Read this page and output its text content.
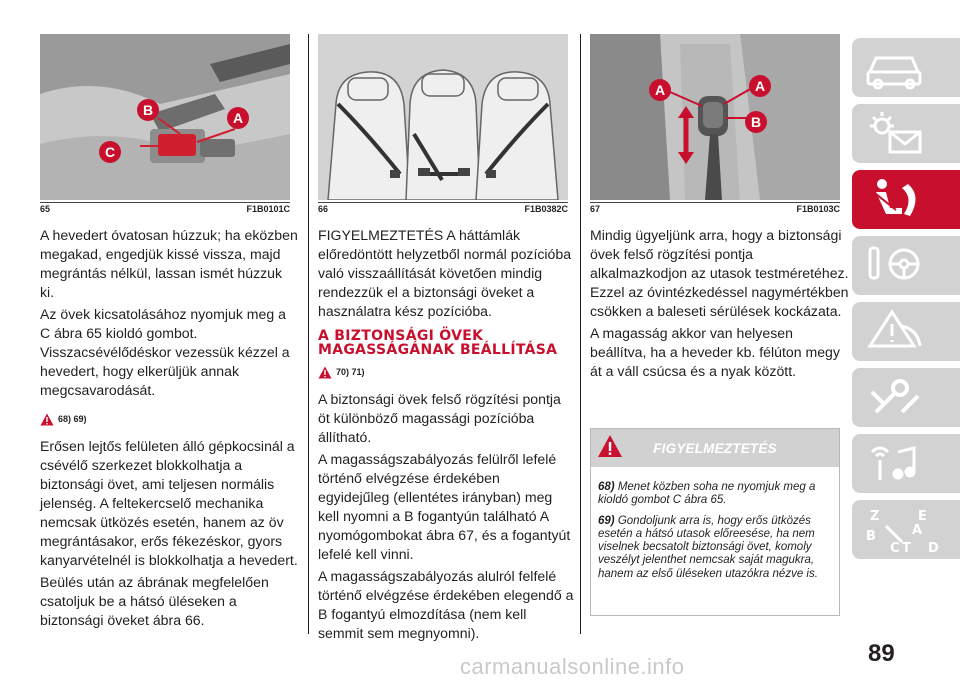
C
A
B
65	F1B0101C	66	F1B0382C
A	A
B
67	F1B0103C

A hevedert óvatosan húzzuk; ha eközben megakad, engedjük kissé vissza, majd megrántás nélkül, lassan ismét húzzuk ki.

Az övek kicsatolásához nyomjuk meg a C ábra 65 kioldó gombot. Visszacsévélődéskor vezessük kézzel a hevedert, hogy elkerüljük annak megcsavarodását.

68) 69)

Erősen lejtős felületen álló gépkocsinál a csévélő szerkezet blokkolhatja a biztonsági övet, ami teljesen normális jelenség. A feltekercselő mechanika nemcsak ütközés esetén, hanem az öv megrántásakor, erős fékezéskor, gyors kanyarvételnél is blokkolhatja a hevedert.

Beülés után az ábrának megfelelően csatoljuk be a hátsó üléseken a biztonsági öveket ábra 66.

FIGYELMEZTETÉS A háttámlák előredöntött helyzetből normál pozícióba való visszaállítását követően mindig rendezzük el a biztonsági öveket a használatra kész pozícióba.

A BIZTONSÁGI ÖVEK MAGASSÁGÁNAK BEÁLLÍTÁSA
70) 71)

A biztonsági övek felső rögzítési pontja öt különböző magassági pozícióba állítható.

A magasságszabályozás felülről lefelé történő elvégzése érdekében egyidejűleg (ellentétes irányban) meg kell nyomni a B fogantyún található A nyomógombokat ábra 67, és a fogantyút lefelé kell vinni.

A magasságszabályozás alulról felfelé történő elvégzése érdekében elegendő a B fogantyú elmozdítása (nem kell semmit sem megnyomni).

Mindig ügyeljünk arra, hogy a biztonsági övek felső rögzítési pontja alkalmazkodjon az utasok testméretéhez. Ezzel az óvintézkedéssel nagymértékben csökken a baleseti sérülések kockázata.

A magasság akkor van helyesen beállítva, ha a heveder kb. félúton megy át a váll csúcsa és a nyak között.

FIGYELMEZTETÉS

68) Menet közben soha ne nyomjuk meg a kioldó gombot C ábra 65.

69) Gondoljunk arra is, hogy erős ütközés esetén a hátsó utasok előreesése, ha nem viselnek becsatolt biztonsági övet, komoly veszélyt jelenthet nemcsak saját magukra, hanem az első üléseken utazókra nézve is.

Z	E
B
C T D
A
89
carmanualsonline.info
